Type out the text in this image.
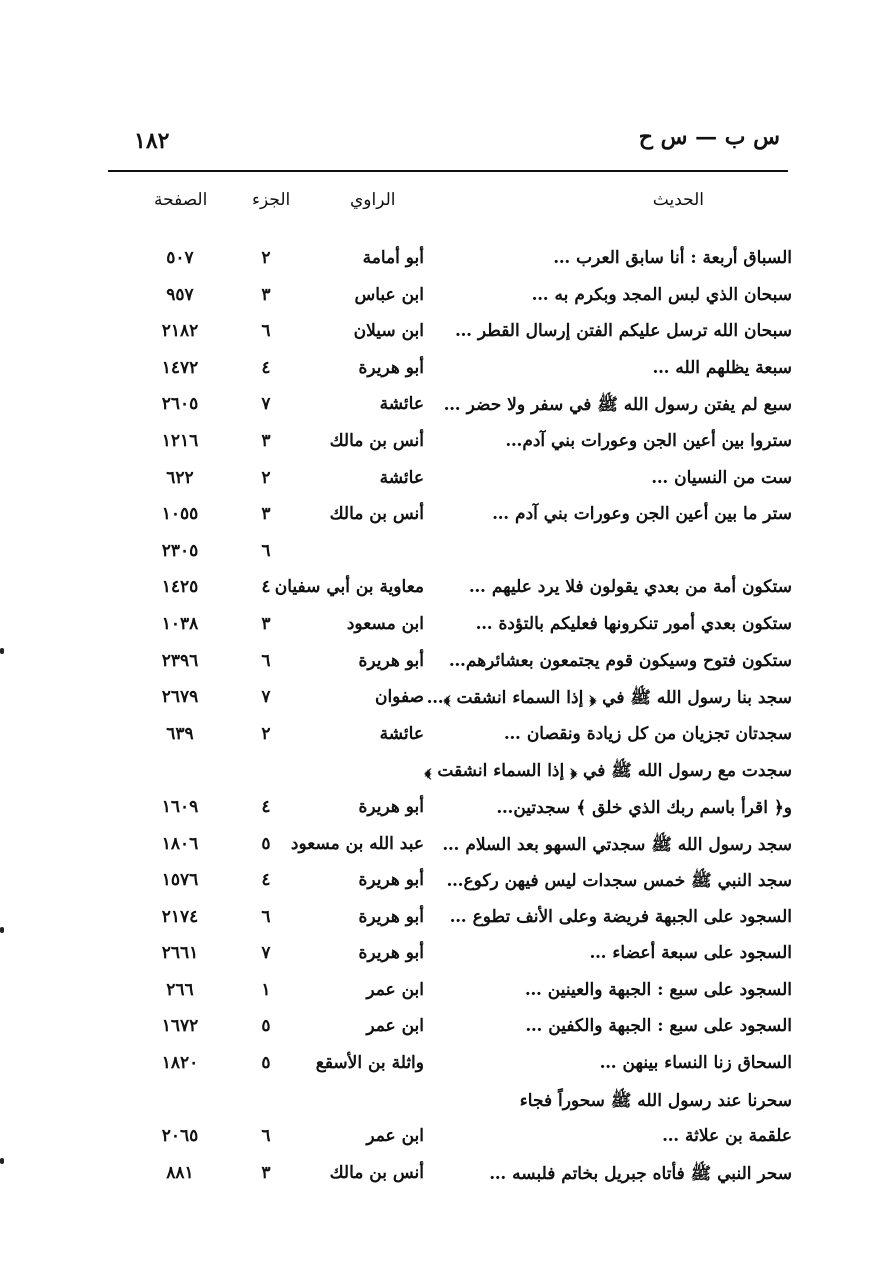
١٨٢	س ب — س ح
الحديث
الراوي
الجزء
الصفحة
السباق أربعة : أنا سابق العرب …
أبو أمامة
٢
٥٠٧
سبحان الذي لبس المجد وبكرم به …
ابن عباس
٣
٩٥٧
سبحان الله ترسل عليكم الفتن إرسال القطر …
ابن سيلان
٦
٢١٨٢
سبعة يظلهم الله …
أبو هريرة
٤
١٤٧٢
سبع لم يفتن رسول الله ﷺ في سفر ولا حضر …
عائشة
٧
٢٦٠٥
ستروا بين أعين الجن وعورات بني آدم…
أنس بن مالك
٣
١٢١٦
ست من النسيان …
عائشة
٢
٦٢٢
ستر ما بين أعين الجن وعورات بني آدم …
أنس بن مالك
٣
١٠٥٥
٦
٢٣٠٥
ستكون أمة من بعدي يقولون فلا يرد عليهم …
معاوية بن أبي سفيان
٤
١٤٢٥
ستكون بعدي أمور تنكرونها فعليكم بالتؤدة …
ابن مسعود
٣
١٠٣٨
ستكون فتوح وسيكون قوم يجتمعون بعشائرهم…
أبو هريرة
٦
٢٣٩٦
سجد بنا رسول الله ﷺ في ﴿ إذا السماء انشقت ﴾…
صفوان
٧
٢٦٧٩
سجدتان تجزيان من كل زيادة ونقصان …
عائشة
٢
٦٣٩
سجدت مع رسول الله ﷺ في ﴿ إذا السماء انشقت ﴾
و﴿ اقرأ باسم ربك الذي خلق ﴾ سجدتين…
أبو هريرة
٤
١٦٠٩
سجد رسول الله ﷺ سجدتي السهو بعد السلام …
عبد الله بن مسعود
٥
١٨٠٦
سجد النبي ﷺ خمس سجدات ليس فيهن ركوع…
أبو هريرة
٤
١٥٧٦
السجود على الجبهة فريضة وعلى الأنف تطوع …
أبو هريرة
٦
٢١٧٤
السجود على سبعة أعضاء …
أبو هريرة
٧
٢٦٦١
السجود على سبع : الجبهة والعينين …
ابن عمر
١
٢٦٦
السجود على سبع : الجبهة والكفين …
ابن عمر
٥
١٦٧٢
السحاق زنا النساء بينهن …
واثلة بن الأسقع
٥
١٨٢٠
سحرنا عند رسول الله ﷺ سحوراً فجاء
علقمة بن علاثة …
ابن عمر
٦
٢٠٦٥
سحر النبي ﷺ فأتاه جبريل بخاتم فلبسه …
أنس بن مالك
٣
٨٨١
